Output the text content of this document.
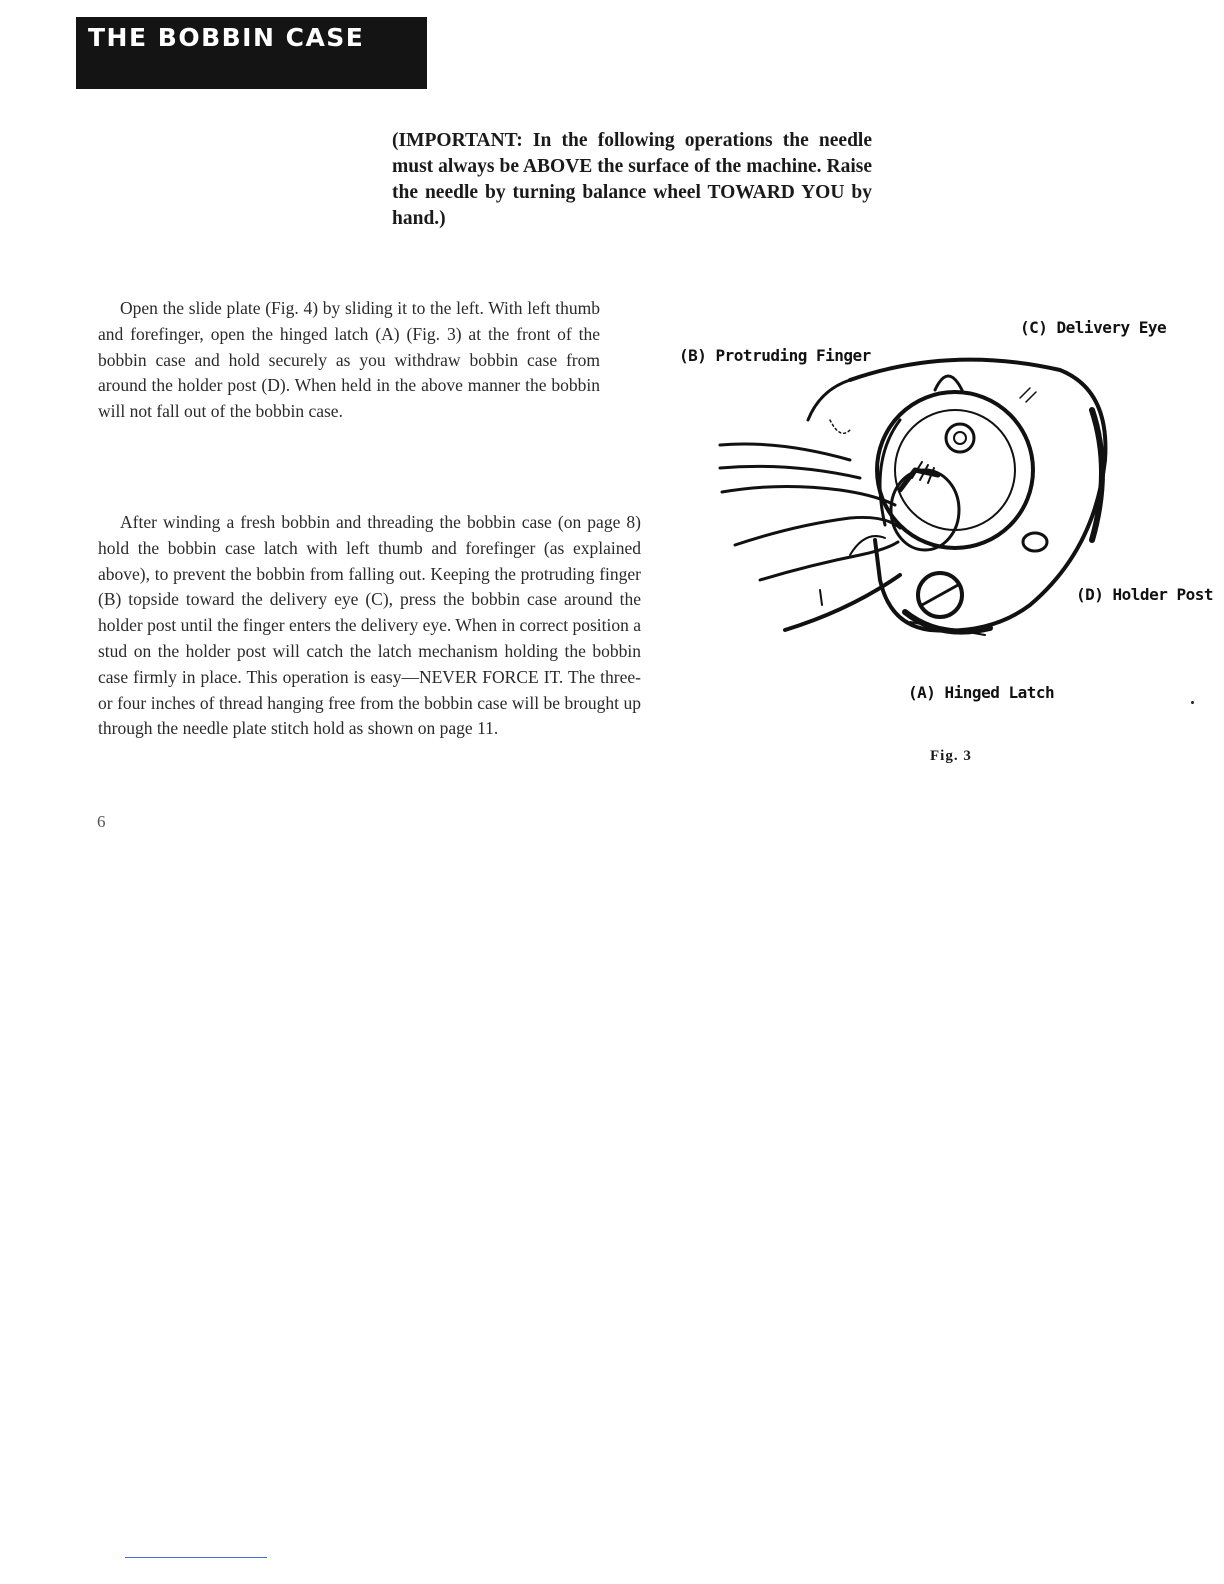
THE BOBBIN CASE
(IMPORTANT: In the following operations the needle must always be ABOVE the surface of the machine. Raise the needle by turning balance wheel TOWARD YOU by hand.)

Open the slide plate (Fig. 4) by sliding it to the left. With left thumb and forefinger, open the hinged latch (A) (Fig. 3) at the front of the bobbin case and hold securely as you withdraw bobbin case from around the holder post (D). When held in the above manner the bobbin will not fall out of the bobbin case.

After winding a fresh bobbin and threading the bobbin case (on page 8) hold the bobbin case latch with left thumb and forefinger (as explained above), to prevent the bobbin from falling out. Keeping the protruding finger (B) topside toward the delivery eye (C), press the bobbin case around the holder post until the finger enters the delivery eye. When in correct position a stud on the holder post will catch the latch mechanism holding the bobbin case firmly in place. This operation is easy—NEVER FORCE IT. The three-or four inches of thread hanging free from the bobbin case will be brought up through the needle plate stitch hold as shown on page 11.

(C) Delivery Eye
(B) Protruding Finger
(D) Holder Post
(A) Hinged Latch
Fig. 3
6
